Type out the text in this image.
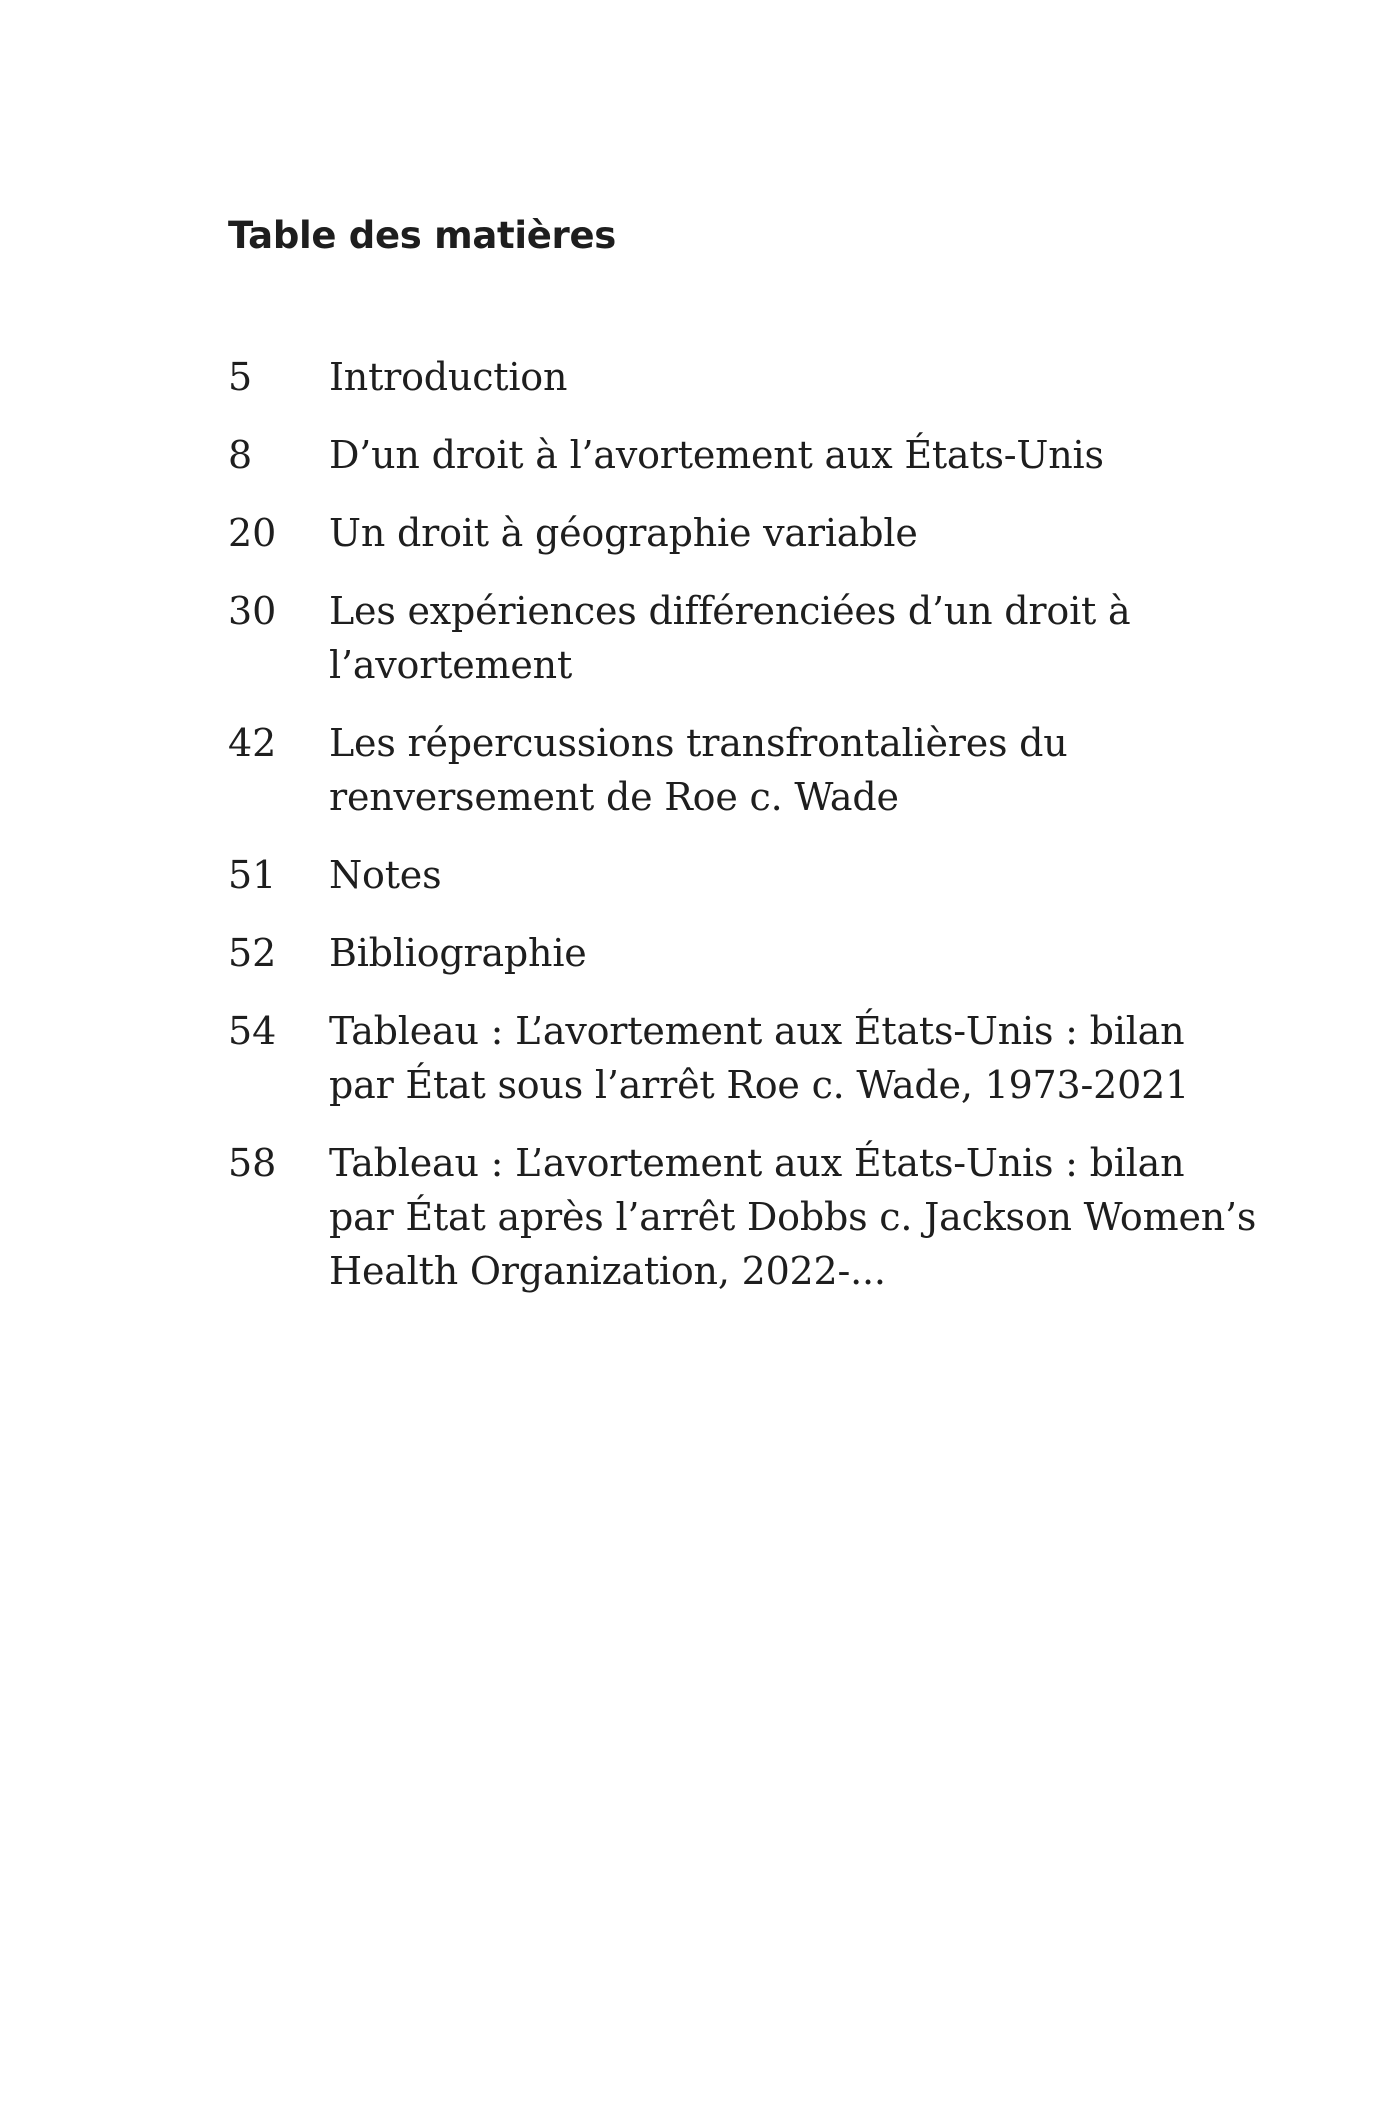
Table des matières
5	Introduction
8	D’un droit à l’avortement aux États-Unis
20	Un droit à géographie variable
30	Les expériences différenciées d’un droit à
l’avortement
42	Les répercussions transfrontalières du
renversement de Roe c. Wade
51	Notes
52	Bibliographie
54	Tableau : L’avortement aux États-Unis : bilan
par État sous l’arrêt Roe c. Wade, 1973-2021
58	Tableau : L’avortement aux États-Unis : bilan
par État après l’arrêt Dobbs c. Jackson Women’s
Health Organization, 2022-...
